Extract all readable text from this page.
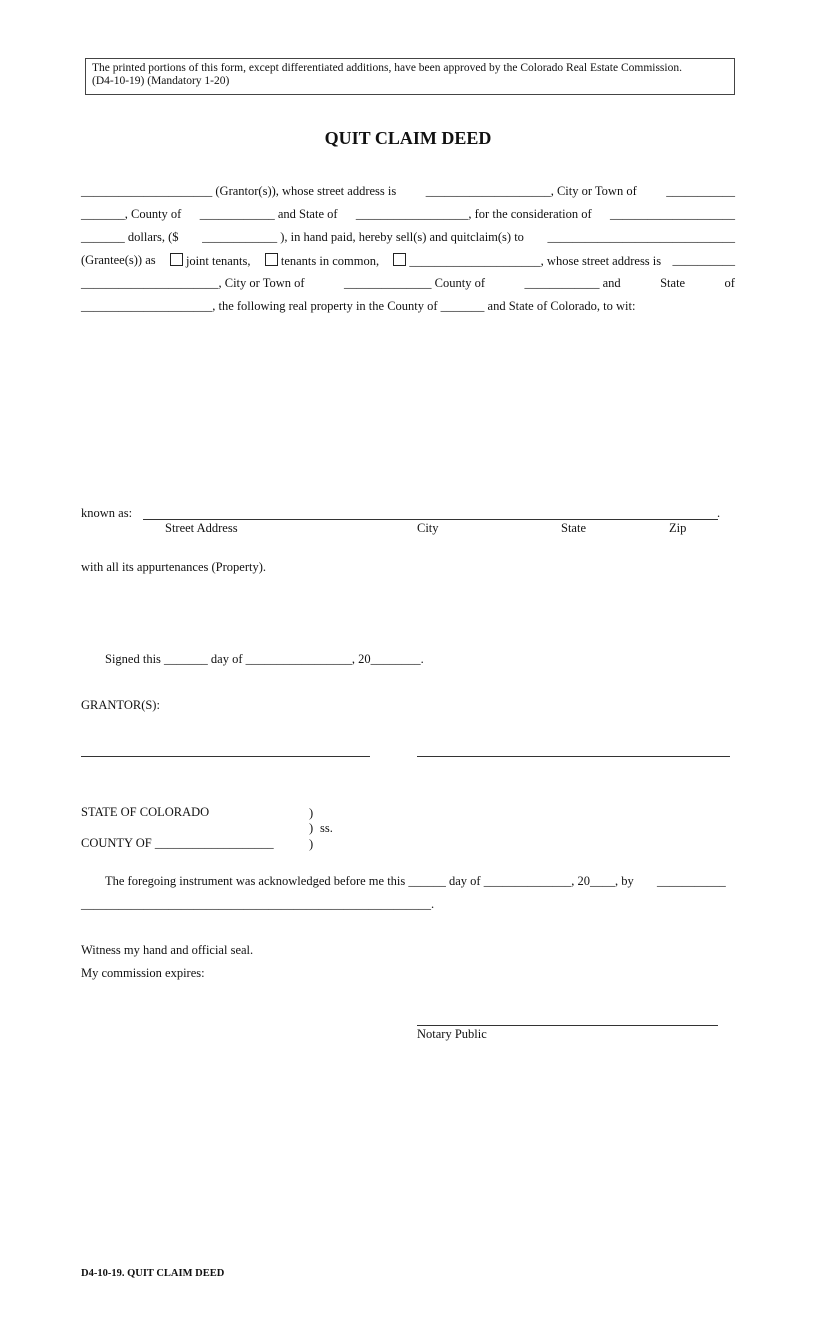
The printed portions of this form, except differentiated additions, have been approved by the Colorado Real Estate Commission.
(D4-10-19) (Mandatory 1-20)
QUIT CLAIM DEED
_____________________ (Grantor(s)), whose street address is ____________________, City or Town of ___________
_______, County of ____________ and State of __________________, for the consideration of ____________________
_______ dollars, ($ ____________ ), in hand paid, hereby sell(s) and quitclaim(s) to ______________________________
(Grantee(s)) as	joint tenants,	tenants in common,	_____________________, whose street address is __________
______________________, City or Town of	______________ County of	____________ and	State	of
_____________________, the following real property in the County of _______ and State of Colorado, to wit:
known as:	.
Street Address	City	State	Zip
with all its appurtenances (Property).
Signed this _______ day of _________________, 20________.
GRANTOR(S):
STATE OF COLORADO	)
) ss.
)
COUNTY OF ___________________
The foregoing instrument was acknowledged before me this ______ day of ______________, 20____, by ___________
________________________________________________________.
Witness my hand and official seal.
My commission expires:
Notary Public
D4-10-19. QUIT CLAIM DEED
